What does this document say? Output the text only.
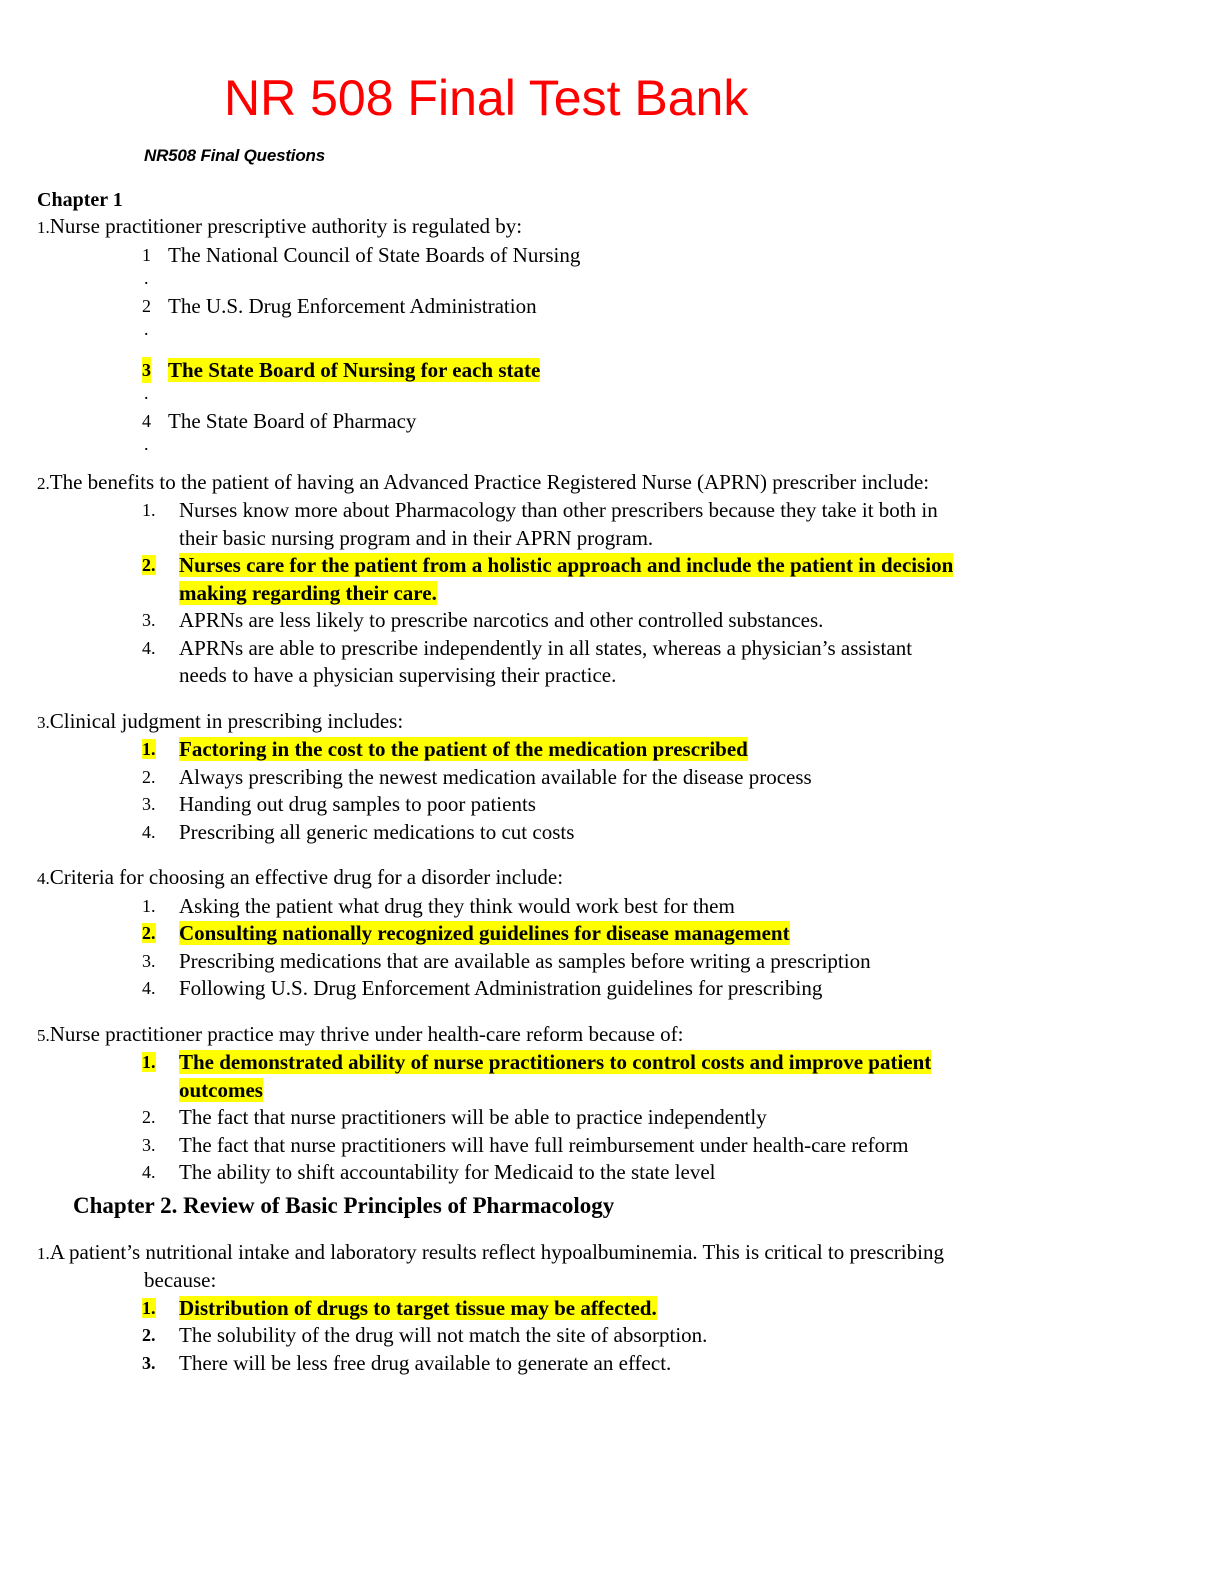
NR 508 Final Test Bank
NR508 Final Questions
Chapter 1
1.Nurse practitioner prescriptive authority is regulated by:
1
.
The National Council of State Boards of Nursing
2
.
The U.S. Drug Enforcement Administration
3
.
The State Board of Nursing for each state
4
.
The State Board of Pharmacy
2.The benefits to the patient of having an Advanced Practice Registered Nurse (APRN) prescriber include:
1. Nurses know more about Pharmacology than other prescribers because they take it both in their basic nursing program and in their APRN program.
2. Nurses care for the patient from a holistic approach and include the patient in decision making regarding their care.
3. APRNs are less likely to prescribe narcotics and other controlled substances.
4. APRNs are able to prescribe independently in all states, whereas a physician’s assistant needs to have a physician supervising their practice.
3.Clinical judgment in prescribing includes:
1. Factoring in the cost to the patient of the medication prescribed
2. Always prescribing the newest medication available for the disease process
3. Handing out drug samples to poor patients
4. Prescribing all generic medications to cut costs
4.Criteria for choosing an effective drug for a disorder include:
1. Asking the patient what drug they think would work best for them
2. Consulting nationally recognized guidelines for disease management
3. Prescribing medications that are available as samples before writing a prescription
4. Following U.S. Drug Enforcement Administration guidelines for prescribing
5.Nurse practitioner practice may thrive under health-care reform because of:
1. The demonstrated ability of nurse practitioners to control costs and improve patient outcomes
2. The fact that nurse practitioners will be able to practice independently
3. The fact that nurse practitioners will have full reimbursement under health-care reform
4. The ability to shift accountability for Medicaid to the state level
Chapter 2. Review of Basic Principles of Pharmacology
1.A patient’s nutritional intake and laboratory results reflect hypoalbuminemia. This is critical to prescribing
because:
1. Distribution of drugs to target tissue may be affected.
2. The solubility of the drug will not match the site of absorption.
3. There will be less free drug available to generate an effect.
